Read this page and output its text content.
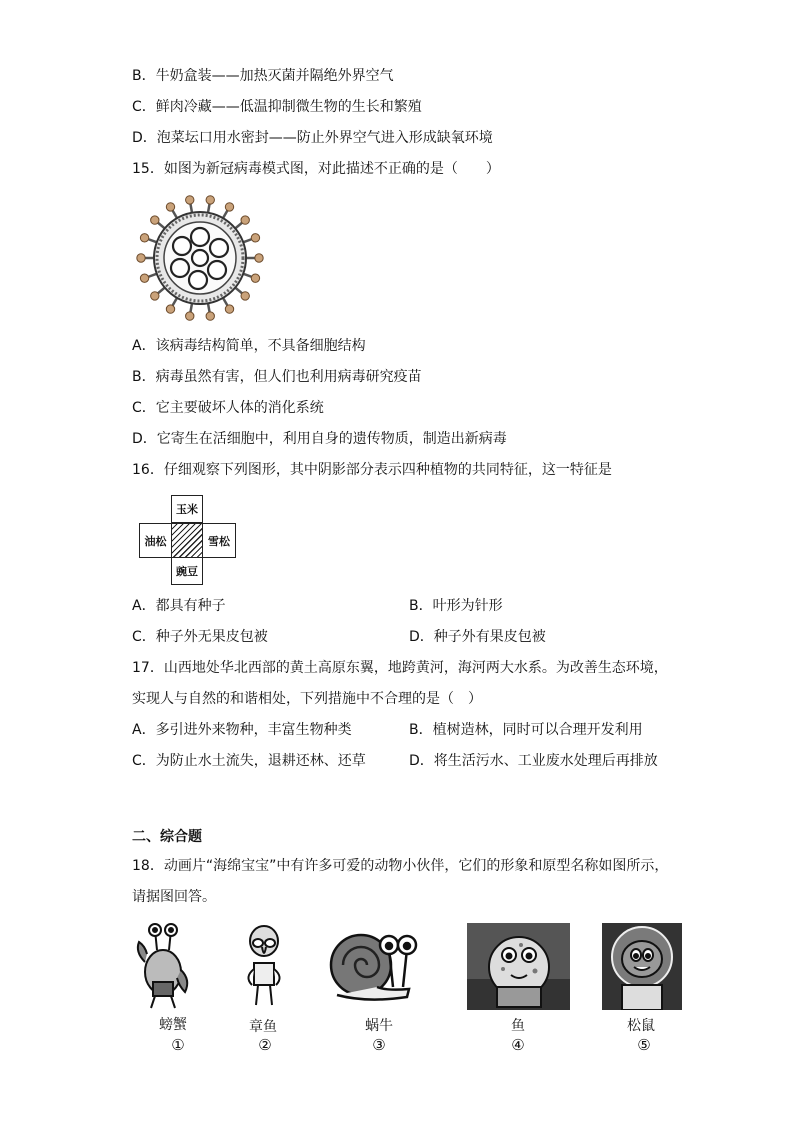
B．牛奶盒装——加热灭菌并隔绝外界空气
C．鲜肉冷藏——低温抑制微生物的生长和繁殖
D．泡菜坛口用水密封——防止外界空气进入形成缺氧环境
15．如图为新冠病毒模式图，对此描述不正确的是（　　）
A．该病毒结构简单，不具备细胞结构
B．病毒虽然有害，但人们也利用病毒研究疫苗
C．它主要破坏人体的消化系统
D．它寄生在活细胞中，利用自身的遗传物质，制造出新病毒
16．仔细观察下列图形，其中阴影部分表示四种植物的共同特征，这一特征是
玉米
油松	雪松
豌豆
A．都具有种子	B．叶形为针形
C．种子外无果皮包被	D．种子外有果皮包被
17．山西地处华北西部的黄土高原东翼，地跨黄河，海河两大水系。为改善生态环境，
实现人与自然的和谐相处，下列措施中不合理的是（　）
A．多引进外来物种，丰富生物种类	B．植树造林，同时可以合理开发利用
C．为防止水土流失，退耕还林、还草	D．将生活污水、工业废水处理后再排放
二、综合题
18．动画片“海绵宝宝”中有许多可爱的动物小伙伴，它们的形象和原型名称如图所示，
请据图回答。
螃蟹	章鱼	蜗牛	鱼	松鼠
①	②	③	④	⑤
